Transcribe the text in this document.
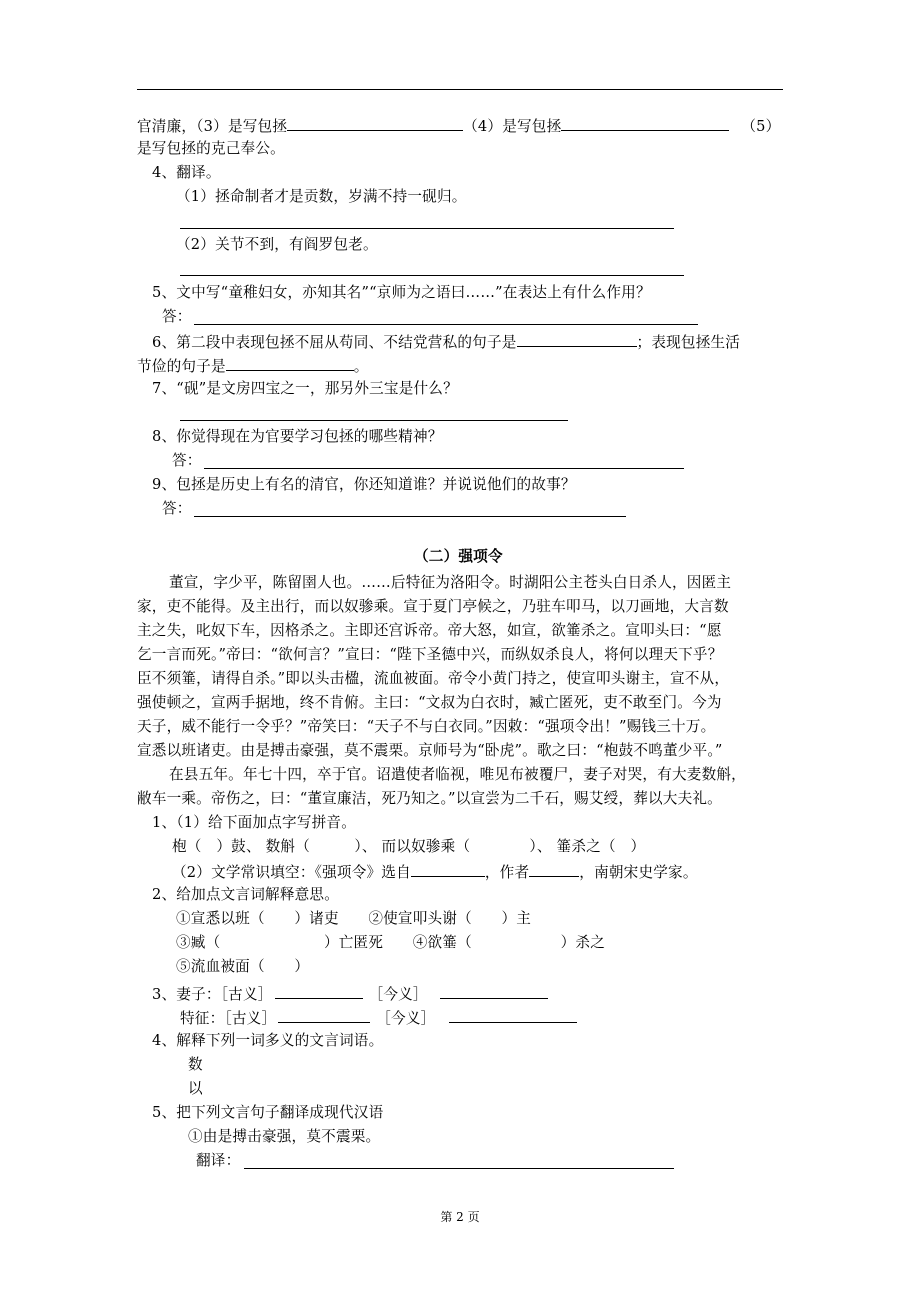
官清廉，（3）是写包拯	（4）是写包拯	（5）
是写包拯的克己奉公。
4、翻译。
（1）拯命制者才是贡数，岁满不持一砚归。
（2）关节不到，有阎罗包老。
5、文中写“童稚妇女，亦知其名”“京师为之语曰……”在表达上有什么作用？
答：
6、第二段中表现包拯不屈从苟同、不结党营私的句子是	；表现包拯生活
节俭的句子是	。
7、“砚”是文房四宝之一，那另外三宝是什么？
8、你觉得现在为官要学习包拯的哪些精神？
答：
9、包拯是历史上有名的清官，你还知道谁？并说说他们的故事？
答：
（二）强项令
董宣，字少平，陈留圉人也。……后特征为洛阳令。时湖阳公主苍头白日杀人，因匿主
家，吏不能得。及主出行，而以奴骖乘。宣于夏门亭候之，乃驻车叩马，以刀画地，大言数
主之失，叱奴下车，因格杀之。主即还宫诉帝。帝大怒，如宣，欲箠杀之。宣叩头曰：“愿
乞一言而死。”帝曰：“欲何言？”宣曰：“陛下圣德中兴，而纵奴杀良人，将何以理天下乎？
臣不须箠，请得自杀。”即以头击楹，流血被面。帝令小黄门持之，使宣叩头谢主，宣不从，
强使顿之，宣两手据地，终不肯俯。主曰：“文叔为白衣时，臧亡匿死，吏不敢至门。今为
天子，威不能行一令乎？”帝笑曰：“天子不与白衣同。”因敕：“强项令出！”赐钱三十万。
宣悉以班诸吏。由是搏击豪强，莫不震栗。京师号为“卧虎”。歌之曰：“枹鼓不鸣董少平。”
在县五年。年七十四，卒于官。诏遣使者临视，唯见布被覆尸，妻子对哭，有大麦数斛，
敝车一乘。帝伤之，曰：“董宣廉洁，死乃知之。”以宣尝为二千石，赐艾绶，葬以大夫礼。
1、（1）给下面加点字写拼音。
枹（　）鼓、 数斛（　　　）、 而以奴骖乘（　　　　）、 箠杀之（　）
（2）文学常识填空：《强项令》选自	，作者	，南朝宋史学家。
2、给加点文言词解释意思。
①宣悉以班（　　）诸吏　　②使宣叩头谢（　　）主
③臧（　　　　　　　）亡匿死　　④欲箠（　　　　　　）杀之
⑤流血被面（　　）
3、妻子：［古义］	［今义］
特征：［古义］	［今义］
4、解释下列一词多义的文言词语。
数
以
5、把下列文言句子翻译成现代汉语
①由是搏击豪强，莫不震栗。
翻译：
第 2 页
